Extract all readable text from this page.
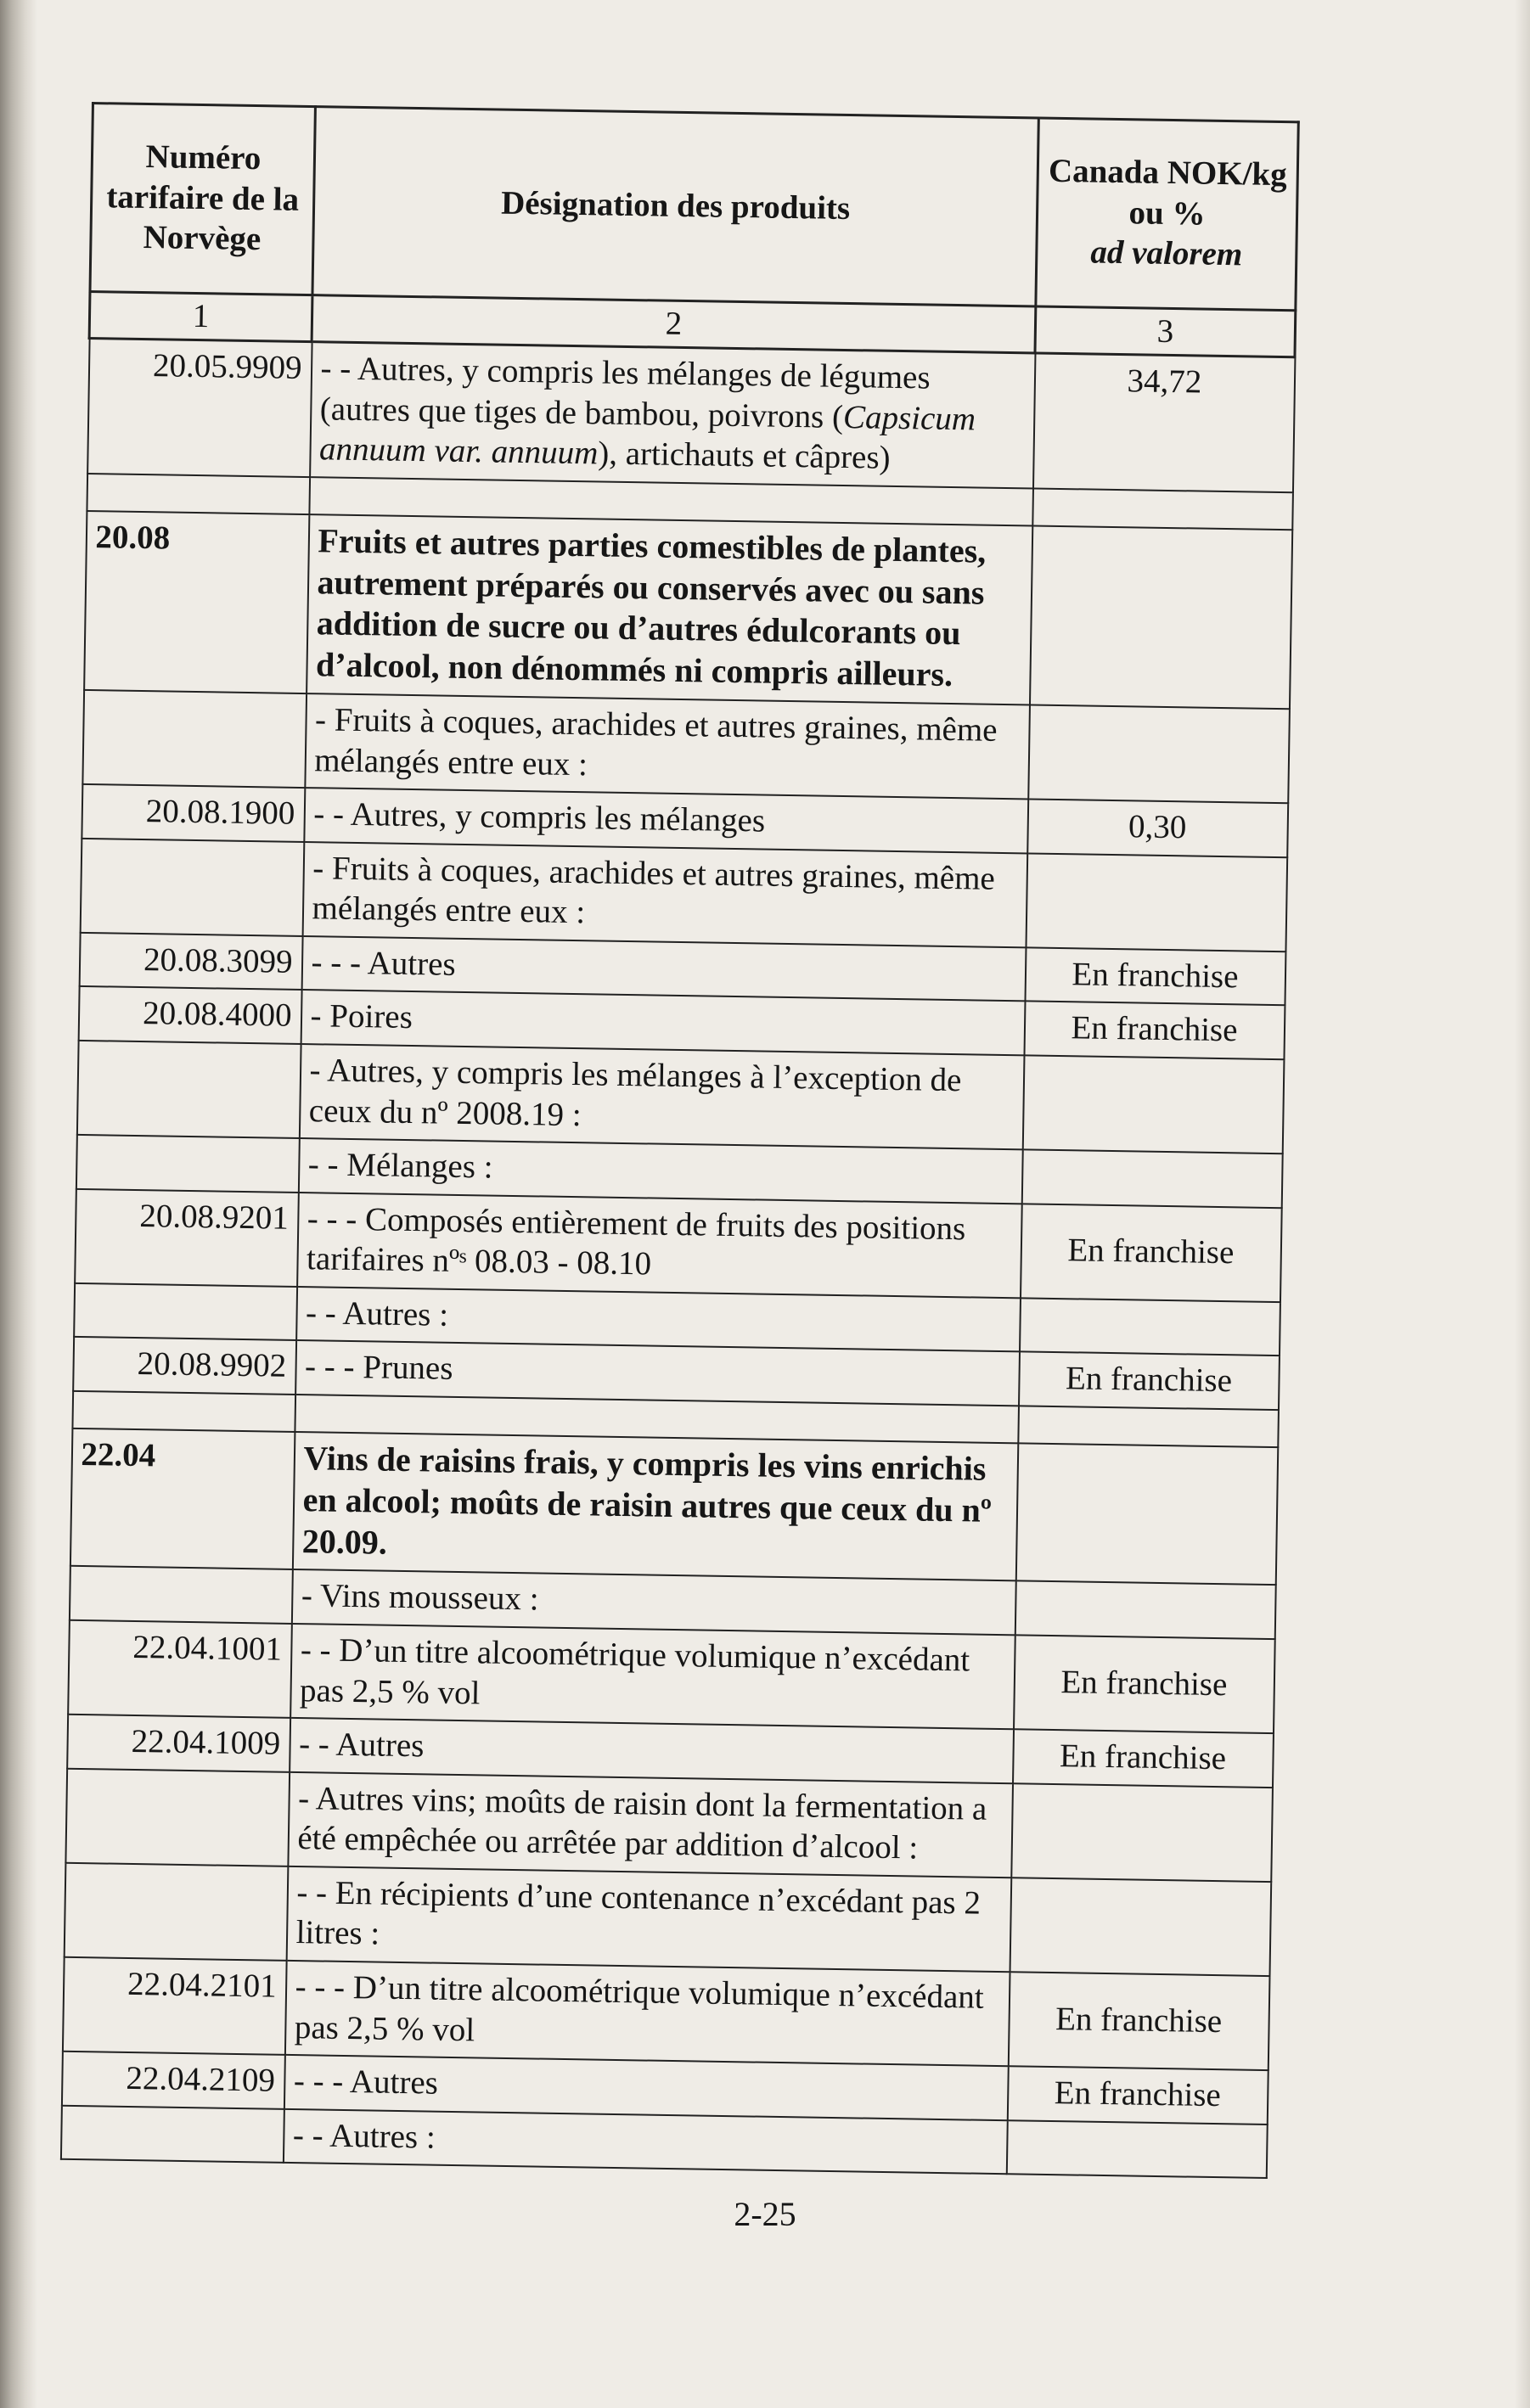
Numéro tarifaire de la Norvège	Désignation des produits	Canada NOK/kg ou %
ad valorem
1	2	3
20.05.9909	- - Autres, y compris les mélanges de légumes (autres que tiges de bambou, poivrons (Capsicum annuum var. annuum), artichauts et câpres)	34,72

20.08	Fruits et autres parties comestibles de plantes, autrement préparés ou conservés avec ou sans addition de sucre ou d’autres édulcorants ou d’alcool, non dénommés ni compris ailleurs.	
	- Fruits à coques, arachides et autres graines, même mélangés entre eux :	
20.08.1900	- - Autres, y compris les mélanges	0,30
	- Fruits à coques, arachides et autres graines, même mélangés entre eux :	
20.08.3099	- - - Autres	En franchise
20.08.4000	- Poires	En franchise
	- Autres, y compris les mélanges à l’exception de ceux du nº 2008.19 :	
	- - Mélanges :	
20.08.9201	- - - Composés entièrement de fruits des positions tarifaires nºˢ 08.03 - 08.10	En franchise
	- - Autres :	
20.08.9902	- - - Prunes	En franchise

22.04	Vins de raisins frais, y compris les vins enrichis en alcool; moûts de raisin autres que ceux du nº 20.09.	
	- Vins mousseux :	
22.04.1001	- - D’un titre alcoométrique volumique n’excédant pas 2,5 % vol	En franchise
22.04.1009	- - Autres	En franchise
	- Autres vins; moûts de raisin dont la fermentation a été empêchée ou arrêtée par addition d’alcool :	
	- - En récipients d’une contenance n’excédant pas 2 litres :	
22.04.2101	- - - D’un titre alcoométrique volumique n’excédant pas 2,5 % vol	En franchise
22.04.2109	- - - Autres	En franchise
	- - Autres :	
2-25
